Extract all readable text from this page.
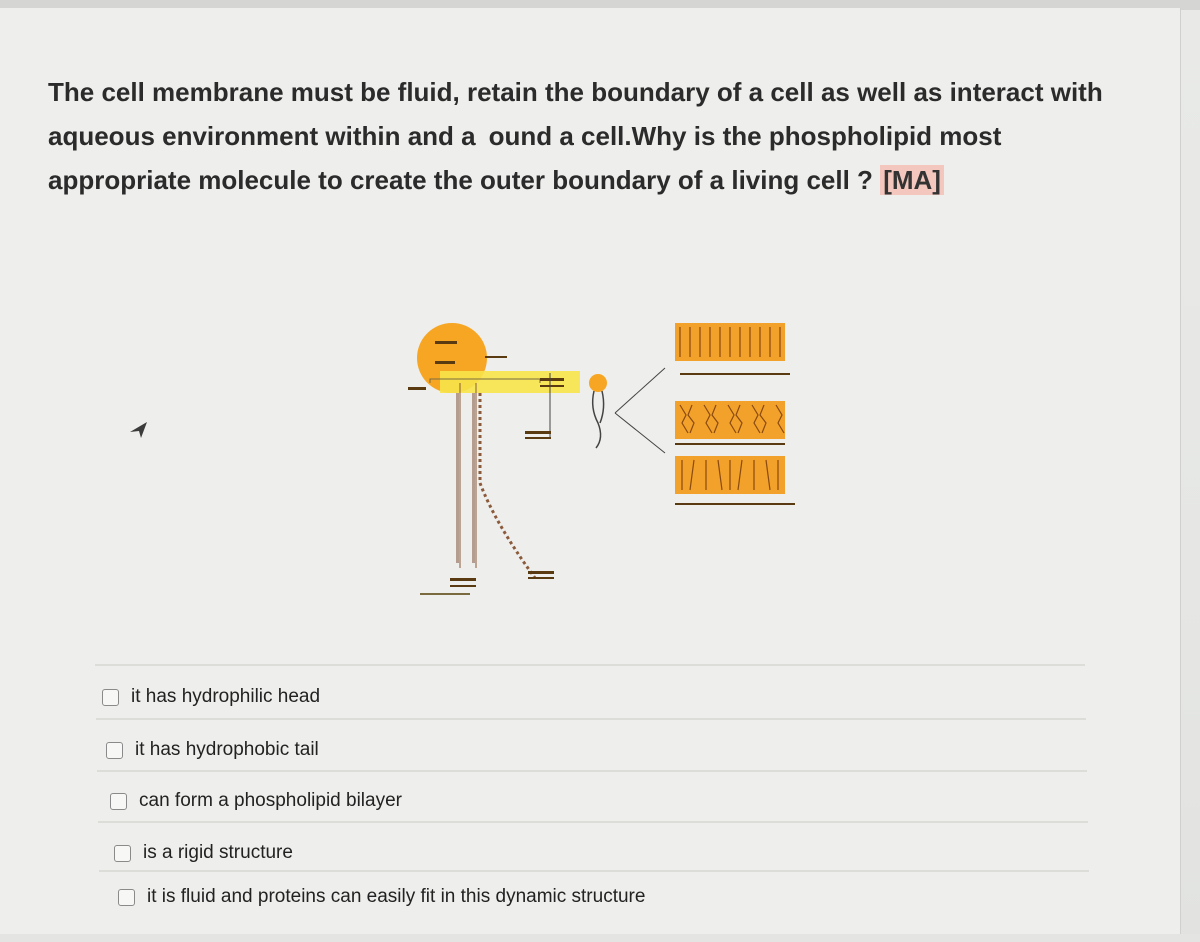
The cell membrane must be fluid, retain the boundary of a cell as well as interact with
aqueous environment within and a ound a cell.Why is the phospholipid most
appropriate molecule to create the outer boundary of a living cell ? [MA]

it has hydrophilic head
it has hydrophobic tail
can form a phospholipid bilayer
is a rigid structure
it is fluid and proteins can easily fit in this dynamic structure
